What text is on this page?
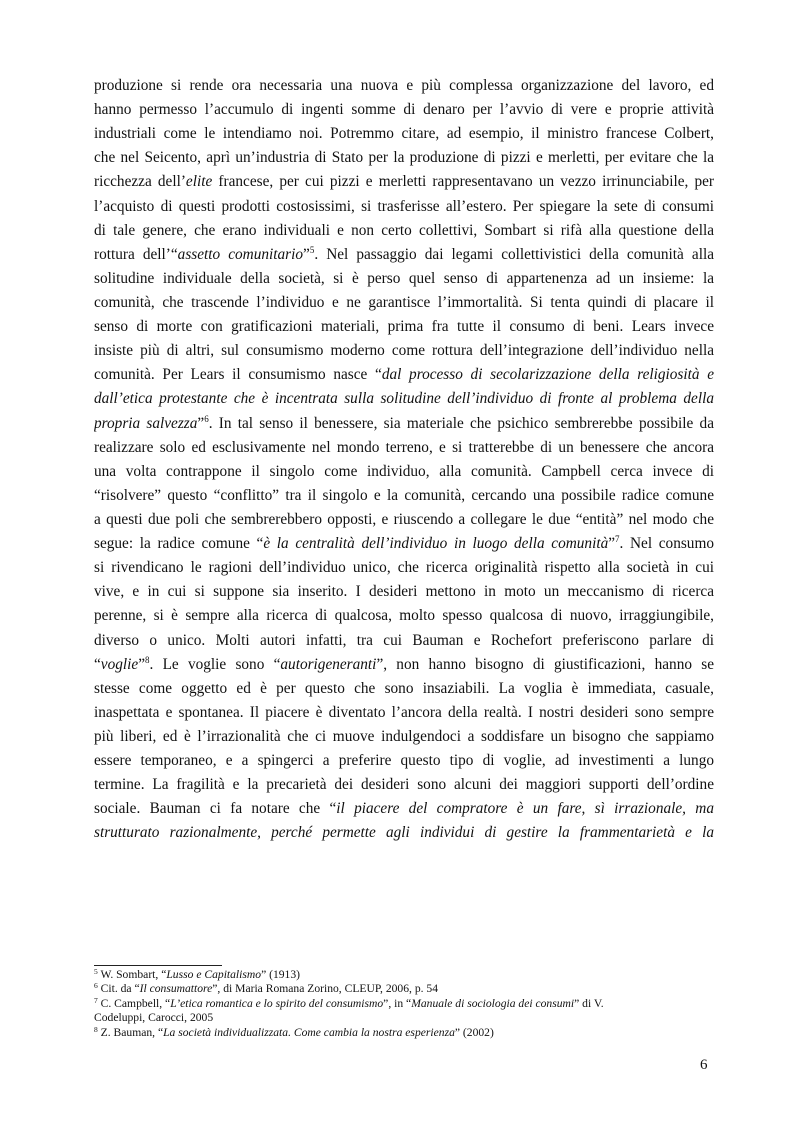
produzione si rende ora necessaria una nuova e più complessa organizzazione del lavoro, ed
hanno permesso l’accumulo di ingenti somme di denaro per l’avvio di vere e proprie attività
industriali come le intendiamo noi. Potremmo citare, ad esempio, il ministro francese Colbert,
che nel Seicento, aprì un’industria di Stato per la produzione di pizzi e merletti, per evitare che la
ricchezza dell’elite francese, per cui pizzi e merletti rappresentavano un vezzo irrinunciabile, per
l’acquisto di questi prodotti costosissimi, si trasferisse all’estero. Per spiegare la sete di consumi
di tale genere, che erano individuali e non certo collettivi, Sombart si rifà alla questione della
rottura dell’“assetto comunitario”$^5$. Nel passaggio dai legami collettivistici della comunità alla
solitudine individuale della società, si è perso quel senso di appartenenza ad un insieme: la
comunità, che trascende l’individuo e ne garantisce l’immortalità. Si tenta quindi di placare il
senso di morte con gratificazioni materiali, prima fra tutte il consumo di beni. Lears invece
insiste più di altri, sul consumismo moderno come rottura dell’integrazione dell’individuo nella
comunità. Per Lears il consumismo nasce “dal processo di secolarizzazione della religiosità e
dall’etica protestante che è incentrata sulla solitudine dell’individuo di fronte al problema della
propria salvezza”$^6$. In tal senso il benessere, sia materiale che psichico sembrerebbe possibile da
realizzare solo ed esclusivamente nel mondo terreno, e si tratterebbe di un benessere che ancora
una volta contrappone il singolo come individuo, alla comunità. Campbell cerca invece di
“risolvere” questo “conflitto” tra il singolo e la comunità, cercando una possibile radice comune
a questi due poli che sembrerebbero opposti, e riuscendo a collegare le due “entità” nel modo che
segue: la radice comune “è la centralità dell’individuo in luogo della comunità”$^7$. Nel consumo
si rivendicano le ragioni dell’individuo unico, che ricerca originalità rispetto alla società in cui
vive, e in cui si suppone sia inserito. I desideri mettono in moto un meccanismo di ricerca
perenne, si è sempre alla ricerca di qualcosa, molto spesso qualcosa di nuovo, irraggiungibile,
diverso o unico. Molti autori infatti, tra cui Bauman e Rochefort preferiscono parlare di
“voglie”$^8$. Le voglie sono “autorigeneranti”, non hanno bisogno di giustificazioni, hanno se
stesse come oggetto ed è per questo che sono insaziabili. La voglia è immediata, casuale,
inaspettata e spontanea. Il piacere è diventato l’ancora della realtà. I nostri desideri sono sempre
più liberi, ed è l’irrazionalità che ci muove indulgendoci a soddisfare un bisogno che sappiamo
essere temporaneo, e a spingerci a preferire questo tipo di voglie, ad investimenti a lungo
termine. La fragilità e la precarietà dei desideri sono alcuni dei maggiori supporti dell’ordine
sociale. Bauman ci fa notare che “il piacere del compratore è un fare, sì irrazionale, ma
strutturato razionalmente, perché permette agli individui di gestire la frammentarietà e la
$^5$ W. Sombart, “Lusso e Capitalismo” (1913)
$^6$ Cit. da “Il consumattore”, di Maria Romana Zorino, CLEUP, 2006, p. 54
$^7$ C. Campbell, “L’etica romantica e lo spirito del consumismo”, in “Manuale di sociologia dei consumi” di V.
Codeluppi, Carocci, 2005
$^8$ Z. Bauman, “La società individualizzata. Come cambia la nostra esperienza” (2002)
6
